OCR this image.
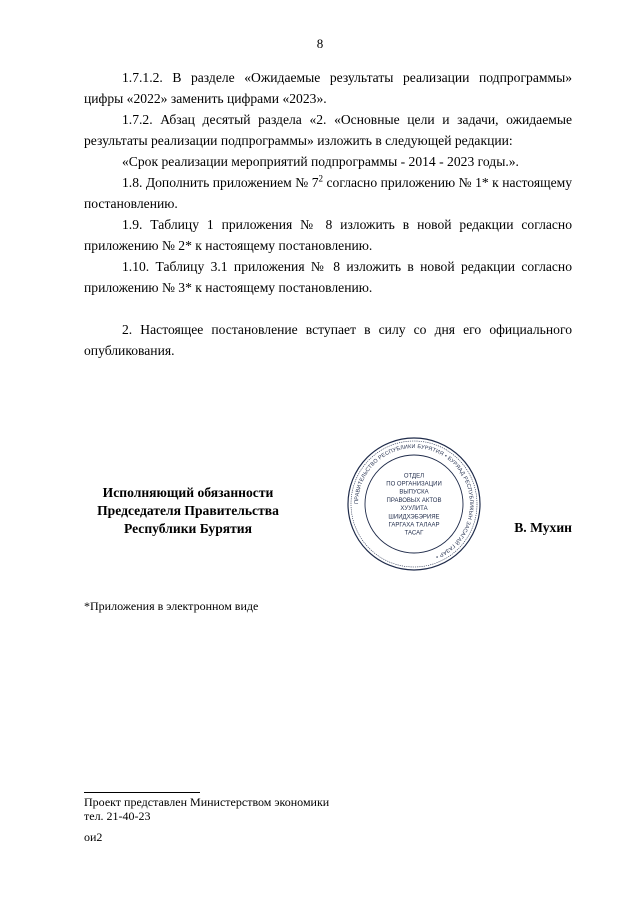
8

1.7.1.2. В разделе «Ожидаемые результаты реализации подпрограммы» цифры «2022» заменить цифрами «2023».

1.7.2. Абзац десятый раздела «2. «Основные цели и задачи, ожидаемые результаты реализации подпрограммы» изложить в следующей редакции:

«Срок реализации мероприятий подпрограммы - 2014 - 2023 годы.».

1.8. Дополнить приложением № $7^2$ согласно приложению № 1* к настоящему постановлению.

1.9. Таблицу 1 приложения № 8 изложить в новой редакции согласно приложению № 2* к настоящему постановлению.

1.10. Таблицу 3.1 приложения № 8 изложить в новой редакции согласно приложению № 3* к настоящему постановлению.

2. Настоящее постановление вступает в силу со дня его официального опубликования.

Исполняющий обязанности
Председателя Правительства
Республики Бурятия
ПРАВИТЕЛЬСТВО РЕСПУБЛИКИ БУРЯТИЯ • БУРЯАД РЕСПУБЛИКЫН ЗАСАГАЙ ГАЗАР •
ОТДЕЛ
ПО ОРГАНИЗАЦИИ
ВЫПУСКА
ПРАВОВЫХ АКТОВ
ХУУЛИТА
ШИИДХЭБЭРИЯЕ
ГАРГАХА ТАЛААР
ТАСАГ	В. Мухин
*Приложения в электронном виде
Проект представлен Министерством экономики
тел. 21-40-23
ои2
